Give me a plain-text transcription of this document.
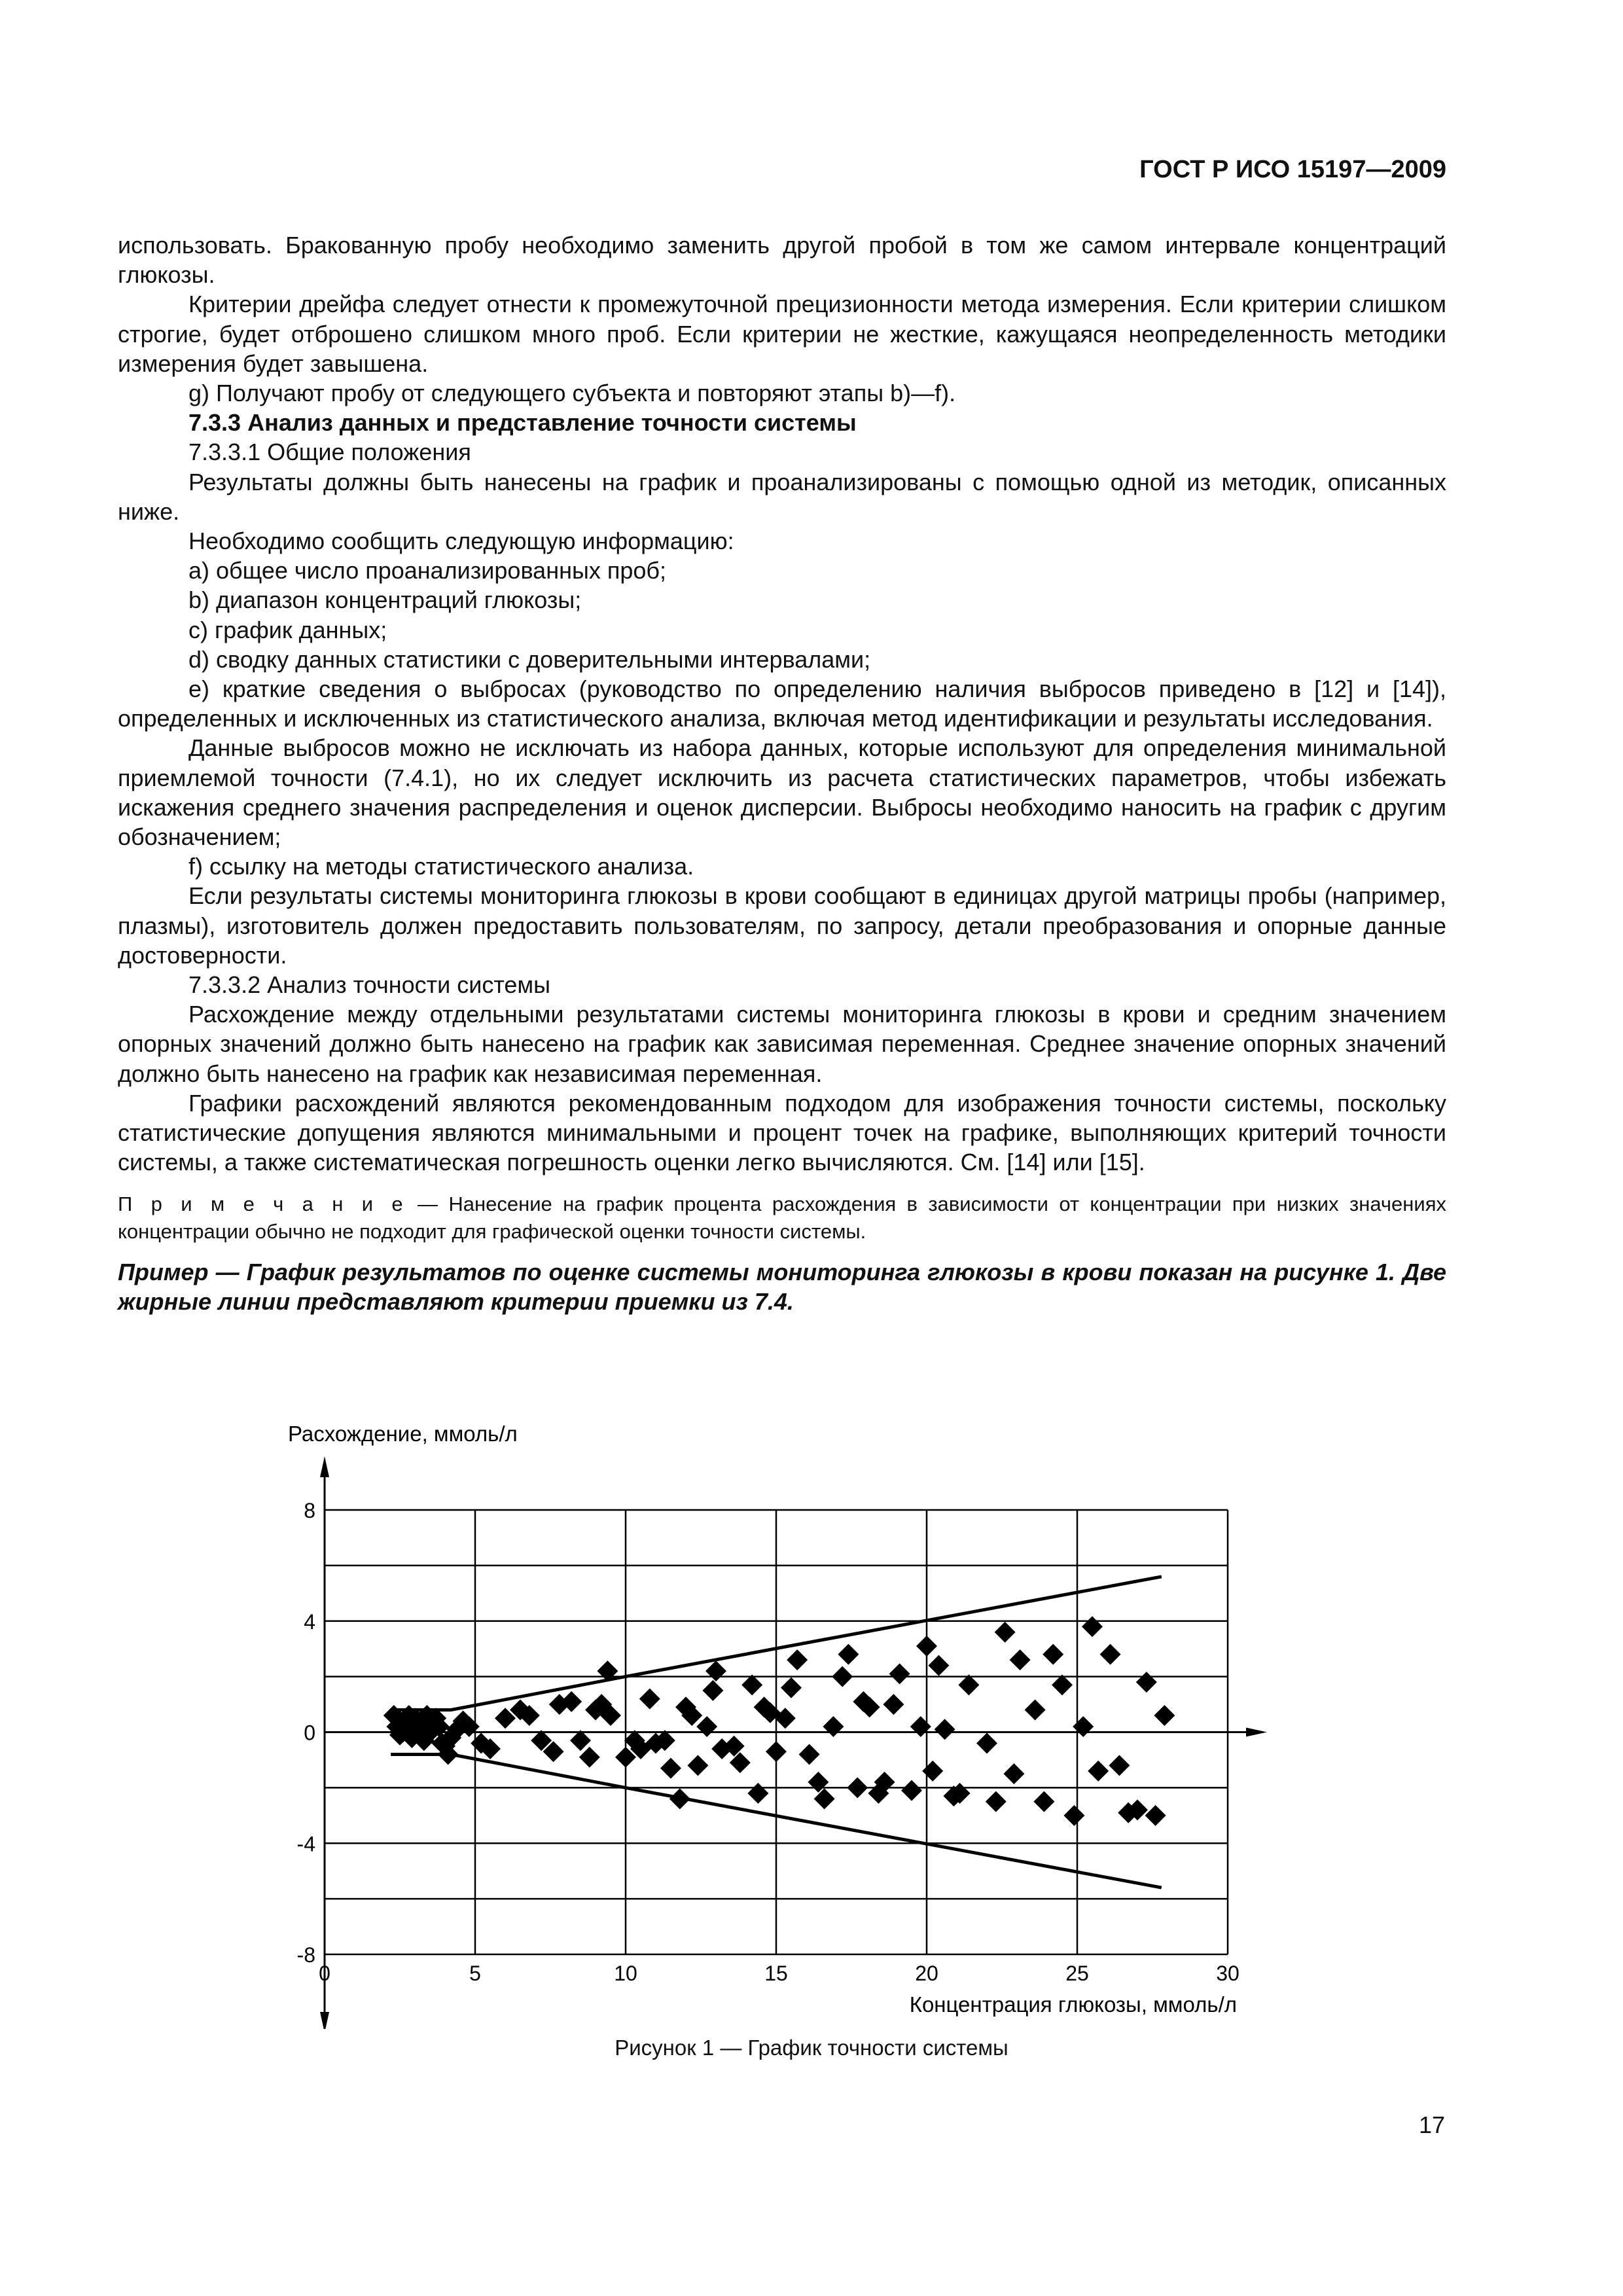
ГОСТ Р ИСО 15197—2009

использовать. Бракованную пробу необходимо заменить другой пробой в том же самом интервале концентраций глюкозы.

Критерии дрейфа следует отнести к промежуточной прецизионности метода измерения. Если критерии слишком строгие, будет отброшено слишком много проб. Если критерии не жесткие, кажущаяся неопределенность методики измерения будет завышена.

g) Получают пробу от следующего субъекта и повторяют этапы b)—f).

7.3.3 Анализ данных и представление точности системы

7.3.3.1 Общие положения

Результаты должны быть нанесены на график и проанализированы с помощью одной из методик, описанных ниже.

Необходимо сообщить следующую информацию:

a) общее число проанализированных проб;

b) диапазон концентраций глюкозы;

c) график данных;

d) сводку данных статистики с доверительными интервалами;

e) краткие сведения о выбросах (руководство по определению наличия выбросов приведено в [12] и [14]), определенных и исключенных из статистического анализа, включая метод идентификации и результаты исследования.

Данные выбросов можно не исключать из набора данных, которые используют для определения минимальной приемлемой точности (7.4.1), но их следует исключить из расчета статистических параметров, чтобы избежать искажения среднего значения распределения и оценок дисперсии. Выбросы необходимо наносить на график с другим обозначением;

f) ссылку на методы статистического анализа.

Если результаты системы мониторинга глюкозы в крови сообщают в единицах другой матрицы пробы (например, плазмы), изготовитель должен предоставить пользователям, по запросу, детали преобразования и опорные данные достоверности.

7.3.3.2 Анализ точности системы

Расхождение между отдельными результатами системы мониторинга глюкозы в крови и средним значением опорных значений должно быть нанесено на график как зависимая переменная. Среднее значение опорных значений должно быть нанесено на график как независимая переменная.

Графики расхождений являются рекомендованным подходом для изображения точности системы, поскольку статистические допущения являются минимальными и процент точек на графике, выполняющих критерий точности системы, а также систематическая погрешность оценки легко вычисляются. См. [14] или [15].

П р и м е ч а н и е — Нанесение на график процента расхождения в зависимости от концентрации при низких значениях концентрации обычно не подходит для графической оценки точности системы.

Пример — График результатов по оценке системы мониторинга глюкозы в крови показан на рисунке 1. Две жирные линии представляют критерии приемки из 7.4.

-8
-4
0
4
8
0	5	10	15	20	25	30
Расхождение, ммоль/л
Концентрация глюкозы, ммоль/л
Рисунок 1 — График точности системы
17
